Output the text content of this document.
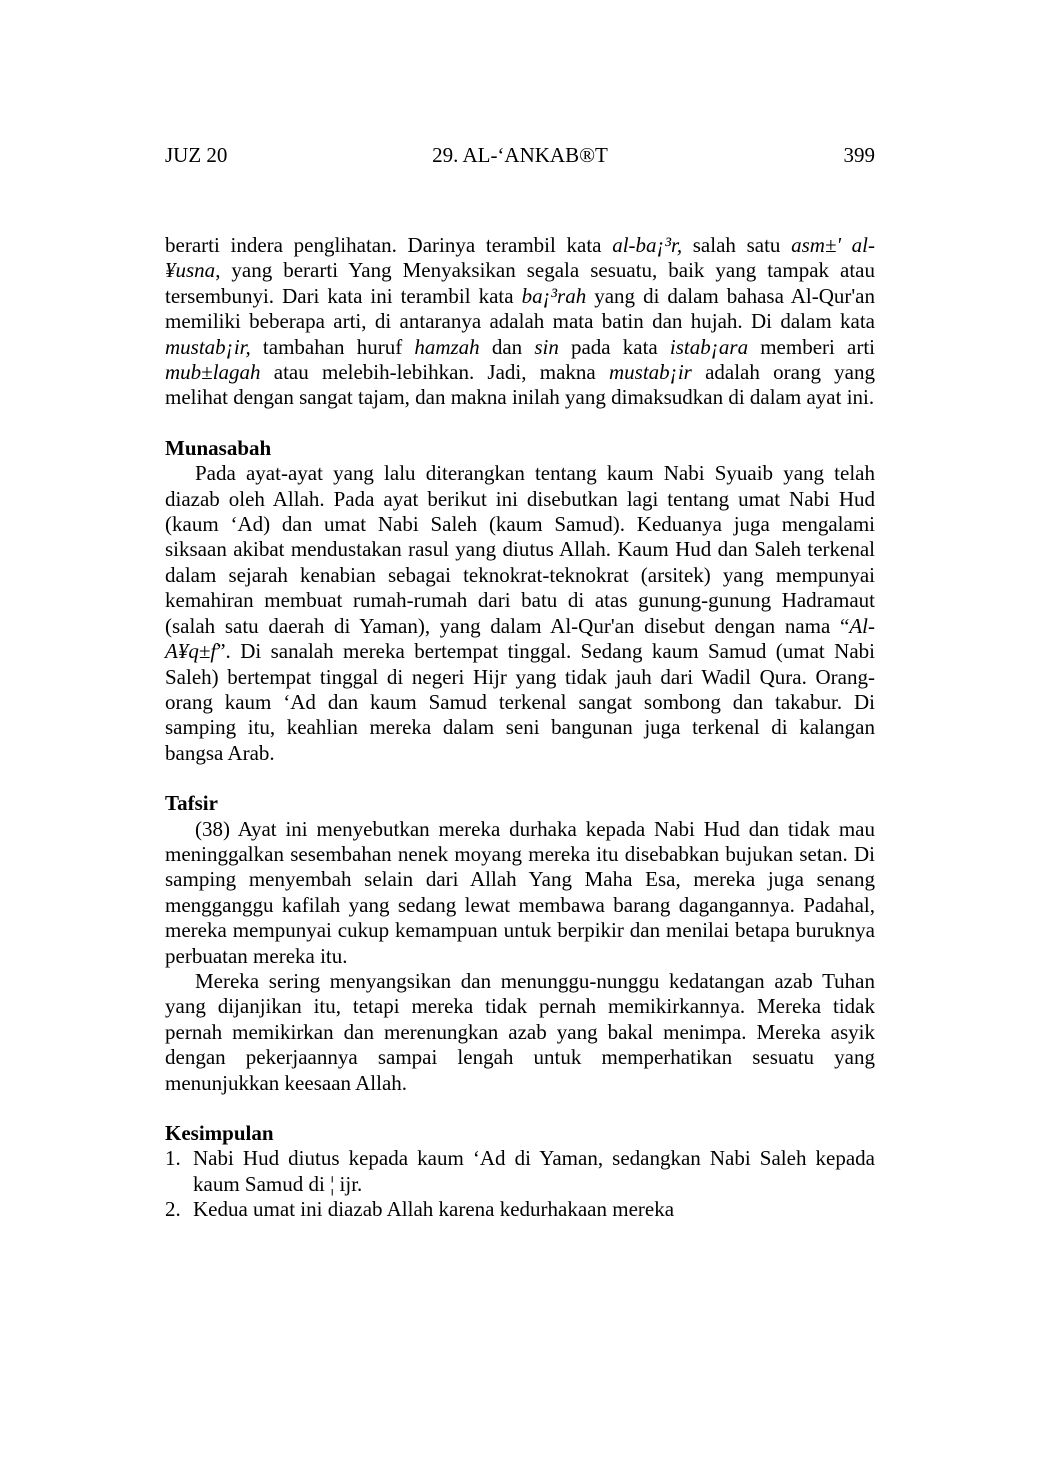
JUZ 20	29. AL-‘ANKAB®T	399

berarti indera penglihatan. Darinya terambil kata al-ba¡³r, salah satu asm±' al-¥usna, yang berarti Yang Menyaksikan segala sesuatu, baik yang tampak atau tersembunyi. Dari kata ini terambil kata ba¡³rah yang di dalam bahasa Al-Qur'an memiliki beberapa arti, di antaranya adalah mata batin dan hujah. Di dalam kata mustab¡ir, tambahan huruf hamzah dan sin pada kata istab¡ara memberi arti mub±lagah atau melebih-lebihkan. Jadi, makna mustab¡ir adalah orang yang melihat dengan sangat tajam, dan makna inilah yang dimaksudkan di dalam ayat ini.

Munasabah

Pada ayat-ayat yang lalu diterangkan tentang kaum Nabi Syuaib yang telah diazab oleh Allah. Pada ayat berikut ini disebutkan lagi tentang umat Nabi Hud (kaum ‘Ad) dan umat Nabi Saleh (kaum Samud). Keduanya juga mengalami siksaan akibat mendustakan rasul yang diutus Allah. Kaum Hud dan Saleh terkenal dalam sejarah kenabian sebagai teknokrat-teknokrat (arsitek) yang mempunyai kemahiran membuat rumah-rumah dari batu di atas gunung-gunung Hadramaut (salah satu daerah di Yaman), yang dalam Al-Qur'an disebut dengan nama “Al-A¥q±f”. Di sanalah mereka bertempat tinggal. Sedang kaum Samud (umat Nabi Saleh) bertempat tinggal di negeri Hijr yang tidak jauh dari Wadil Qura. Orang-orang kaum ‘Ad dan kaum Samud terkenal sangat sombong dan takabur. Di samping itu, keahlian mereka dalam seni bangunan juga terkenal di kalangan bangsa Arab.

Tafsir

(38) Ayat ini menyebutkan mereka durhaka kepada Nabi Hud dan tidak mau meninggalkan sesembahan nenek moyang mereka itu disebabkan bujukan setan. Di samping menyembah selain dari Allah Yang Maha Esa, mereka juga senang mengganggu kafilah yang sedang lewat membawa barang dagangannya. Padahal, mereka mempunyai cukup kemampuan untuk berpikir dan menilai betapa buruknya perbuatan mereka itu.

Mereka sering menyangsikan dan menunggu-nunggu kedatangan azab Tuhan yang dijanjikan itu, tetapi mereka tidak pernah memikirkannya. Mereka tidak pernah memikirkan dan merenungkan azab yang bakal menimpa. Mereka asyik dengan pekerjaannya sampai lengah untuk memperhatikan sesuatu yang menunjukkan keesaan Allah.

Kesimpulan
1. Nabi Hud diutus kepada kaum ‘Ad di Yaman, sedangkan Nabi Saleh kepada kaum Samud di ¦ ijr.
2. Kedua umat ini diazab Allah karena kedurhakaan mereka
